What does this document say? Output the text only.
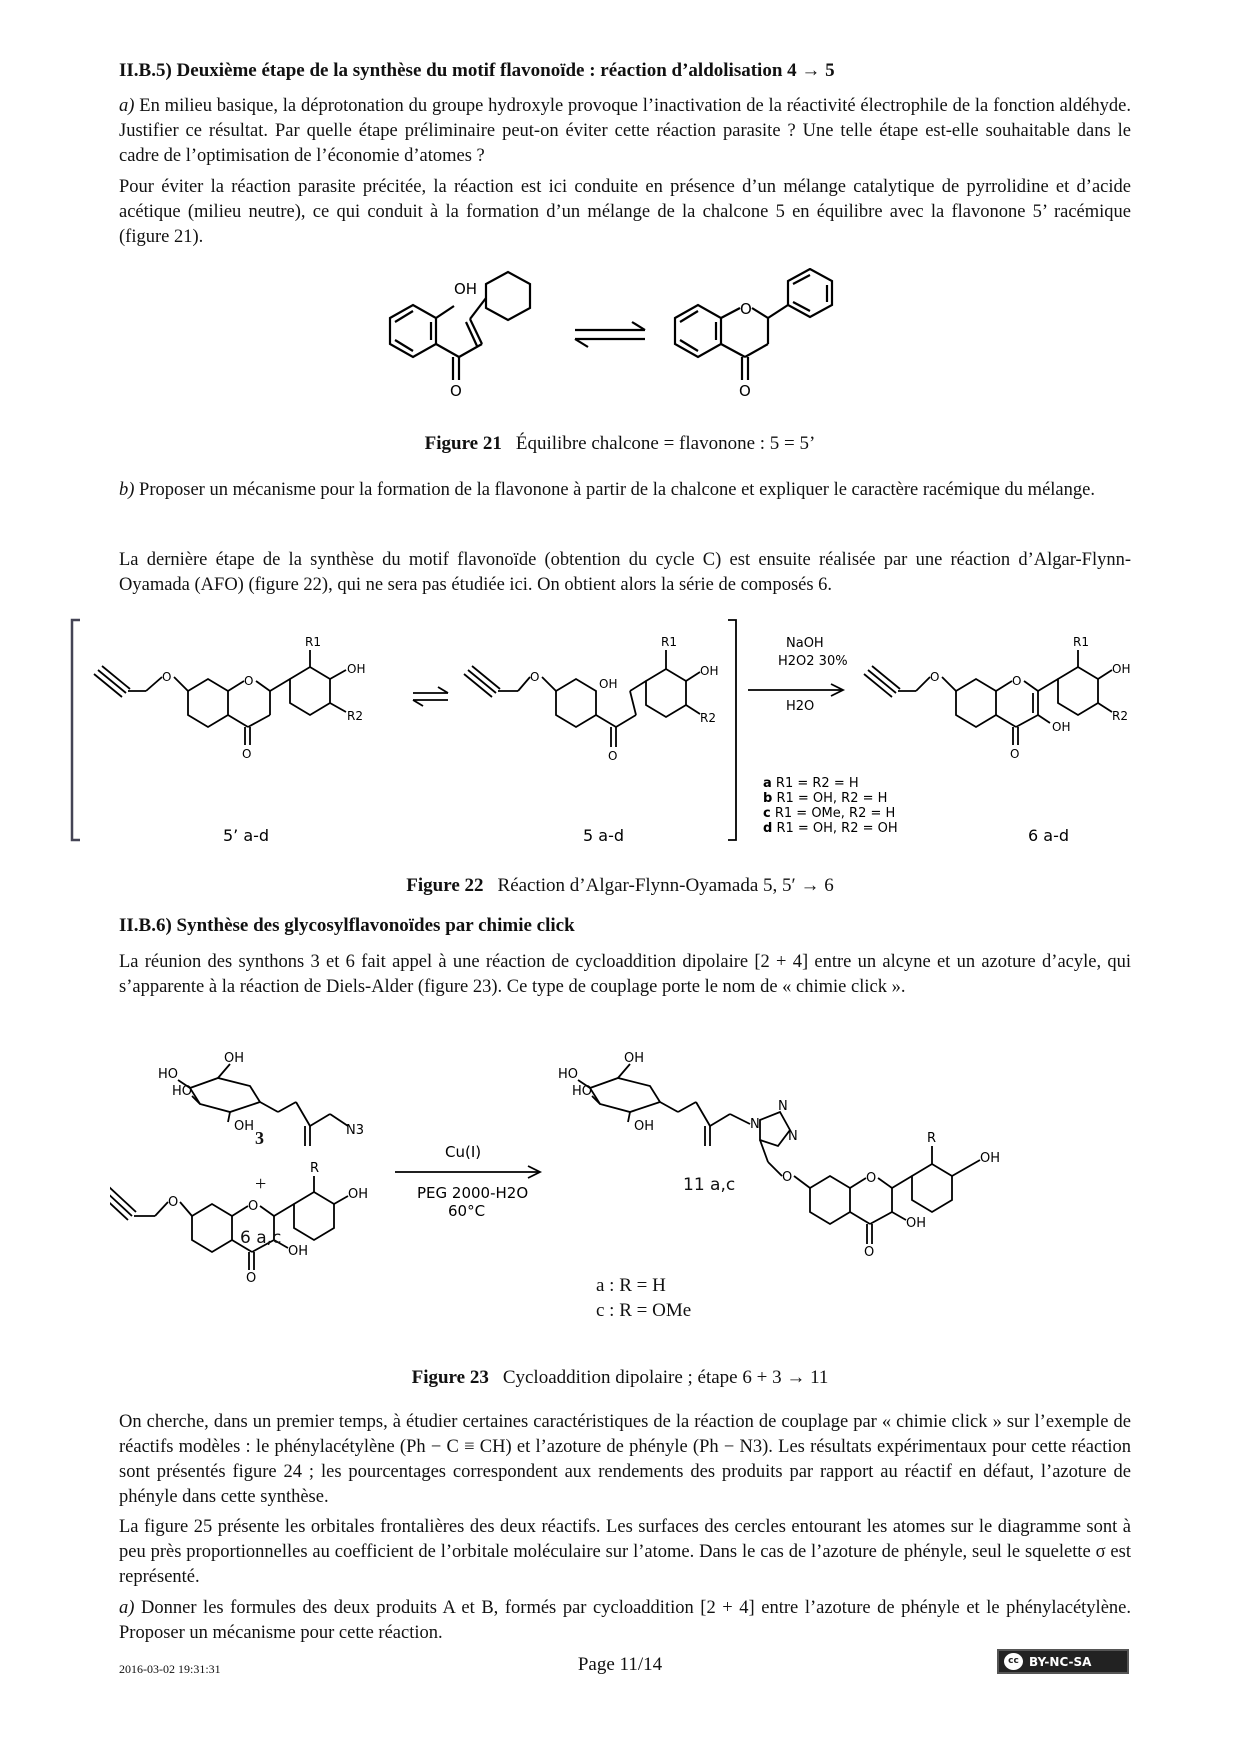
II.B.5) Deuxième étape de la synthèse du motif flavonoïde : réaction d’aldolisation 4 → 5
a) En milieu basique, la déprotonation du groupe hydroxyle provoque l’inactivation de la réactivité électrophile de la fonction aldéhyde. Justifier ce résultat. Par quelle étape préliminaire peut-on éviter cette réaction parasite ? Une telle étape est-elle souhaitable dans le cadre de l’optimisation de l’économie d’atomes ?
Pour éviter la réaction parasite précitée, la réaction est ici conduite en présence d’un mélange catalytique de pyrrolidine et d’acide acétique (milieu neutre), ce qui conduit à la formation d’un mélange de la chalcone 5 en équilibre avec la flavonone 5’ racémique (figure 21).
OH
O
O
O
Figure 21 Équilibre chalcone = flavonone : 5 = 5’
b) Proposer un mécanisme pour la formation de la flavonone à partir de la chalcone et expliquer le caractère racémique du mélange.
La dernière étape de la synthèse du motif flavonoïde (obtention du cycle C) est ensuite réalisée par une réaction d’Algar-Flynn-Oyamada (AFO) (figure 22), qui ne sera pas étudiée ici. On obtient alors la série de composés 6.
O	O
O
R1
OH
R2
O	OH
O
R1
OH
R2
O	O
O
OH
R1
OH
R2
NaOH
H2O2 30%
H2O
a R1 = R2 = H
b R1 = OH, R2 = H
c R1 = OMe, R2 = H
d R1 = OH, R2 = OH
5’ a-d	5 a-d	6 a-d
Figure 22 Réaction d’Algar-Flynn-Oyamada 5, 5′ → 6
II.B.6) Synthèse des glycosylflavonoïdes par chimie click
La réunion des synthons 3 et 6 fait appel à une réaction de cycloaddition dipolaire [2 + 4] entre un alcyne et un azoture d’acyle, qui s’apparente à la réaction de Diels-Alder (figure 23). Ce type de couplage porte le nom de « chimie click ».
OH
HO
HO
OH	N3
O	O
O
OH
R
OH
OH
HO
HO
OH	N
N
N
O	O
O
OH
R
OH
Cu(I)
PEG 2000-H2O
60°C
3
+
6 a,c
11 a,c
a : R = H
c : R = OMe
Figure 23 Cycloaddition dipolaire ; étape 6 + 3 → 11
On cherche, dans un premier temps, à étudier certaines caractéristiques de la réaction de couplage par « chimie click » sur l’exemple de réactifs modèles : le phénylacétylène (Ph − C ≡ CH) et l’azoture de phényle (Ph − N3). Les résultats expérimentaux pour cette réaction sont présentés figure 24 ; les pourcentages correspondent aux rendements des produits par rapport au réactif en défaut, l’azoture de phényle dans cette synthèse.
La figure 25 présente les orbitales frontalières des deux réactifs. Les surfaces des cercles entourant les atomes sur le diagramme sont à peu près proportionnelles au coefficient de l’orbitale moléculaire sur l’atome. Dans le cas de l’azoture de phényle, seul le squelette σ est représenté.
a) Donner les formules des deux produits A et B, formés par cycloaddition [2 + 4] entre l’azoture de phényle et le phénylacétylène. Proposer un mécanisme pour cette réaction.
2016-03-02 19:31:31	Page 11/14	cc BY-NC-SA
